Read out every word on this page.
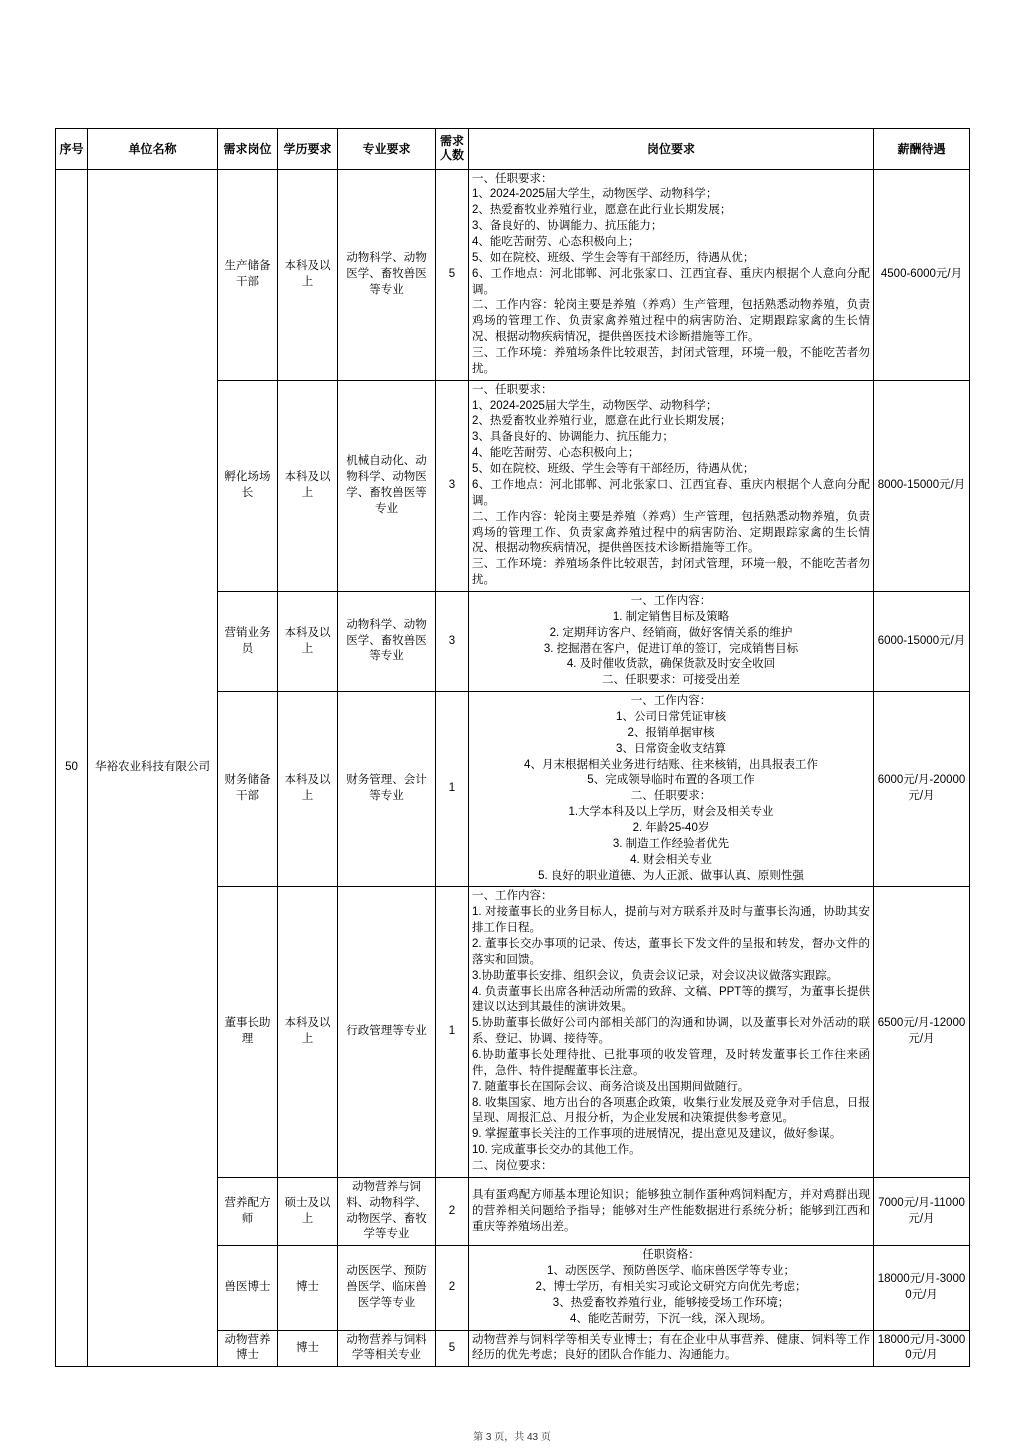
序号	单位名称	需求岗位	学历要求	专业要求	需求
人数	岗位要求	薪酬待遇
50	华裕农业科技有限公司	生产储备干部	本科及以上	动物科学、动物医学、畜牧兽医等专业	5	
一、任职要求：
1、2024-2025届大学生，动物医学、动物科学；
2、热爱畜牧业养殖行业，愿意在此行业长期发展；
3、备良好的、协调能力、抗压能力；
4、能吃苦耐劳、心态积极向上；
5、如在院校、班级、学生会等有干部经历，待遇从优；
6、工作地点：河北邯郸、河北张家口、江西宜春、重庆内根据个人意向分配调。
二、工作内容：轮岗主要是养殖（养鸡）生产管理，包括熟悉动物养殖，负责鸡场的管理工作、负责家禽养殖过程中的病害防治、定期跟踪家禽的生长情况、根据动物疾病情况，提供兽医技术诊断措施等工作。
三、工作环境：养殖场条件比较艰苦，封闭式管理，环境一般，不能吃苦者勿扰。
	4500-6000元/月
孵化场场长	本科及以上	机械自动化、动物科学、动物医学、畜牧兽医等专业	3	
一、任职要求：
1、2024-2025届大学生，动物医学、动物科学；
2、热爱畜牧业养殖行业，愿意在此行业长期发展；
3、具备良好的、协调能力、抗压能力；
4、能吃苦耐劳、心态积极向上；
5、如在院校、班级、学生会等有干部经历，待遇从优；
6、工作地点：河北邯郸、河北张家口、江西宜春、重庆内根据个人意向分配调。
二、工作内容：轮岗主要是养殖（养鸡）生产管理，包括熟悉动物养殖，负责鸡场的管理工作、负责家禽养殖过程中的病害防治、定期跟踪家禽的生长情况、根据动物疾病情况，提供兽医技术诊断措施等工作。
三、工作环境：养殖场条件比较艰苦，封闭式管理，环境一般，不能吃苦者勿扰。
	8000-15000元/月
营销业务员	本科及以上	动物科学、动物医学、畜牧兽医等专业	3	
一、工作内容：
1. 制定销售目标及策略
2. 定期拜访客户、经销商，做好客情关系的维护
3. 挖掘潜在客户，促进订单的签订，完成销售目标
4. 及时催收货款，确保货款及时安全收回
二、任职要求：可接受出差
	6000-15000元/月
财务储备干部	本科及以上	财务管理、会计等专业	1	
一、工作内容：
1、公司日常凭证审核
2、报销单据审核
3、日常资金收支结算
4、月末根据相关业务进行结账、往来核销，出具报表工作
5、完成领导临时布置的各项工作
二、任职要求：
1.大学本科及以上学历，财会及相关专业
2. 年龄25-40岁
3. 制造工作经验者优先
4. 财会相关专业
5. 良好的职业道德、为人正派、做事认真、原则性强
	6000元/月-20000元/月
董事长助理	本科及以上	行政管理等专业	1	
一、工作内容：
1. 对接董事长的业务目标人，提前与对方联系并及时与董事长沟通，协助其安排工作日程。
2. 董事长交办事项的记录、传达，董事长下发文件的呈报和转发，督办文件的落实和回馈。
3.协助董事长安排、组织会议，负责会议记录，对会议决议做落实跟踪。
4. 负责董事长出席各种活动所需的致辞、文稿、PPT等的撰写，为董事长提供建议以达到其最佳的演讲效果。
5.协助董事长做好公司内部相关部门的沟通和协调，以及董事长对外活动的联系、登记、协调、接待等。
6.协助董事长处理待批、已批事项的收发管理，及时转发董事长工作往来函件，急件、特件提醒董事长注意。
7. 随董事长在国际会议、商务洽谈及出国期间做随行。
8. 收集国家、地方出台的各项惠企政策，收集行业发展及竞争对手信息，日报呈现、周报汇总、月报分析，为企业发展和决策提供参考意见。
9. 掌握董事长关注的工作事项的进展情况，提出意见及建议，做好参谋。
10. 完成董事长交办的其他工作。
二、岗位要求：
	6500元/月-12000元/月
		营养配方师	硕士及以上	动物营养与饲料、动物科学、动物医学、畜牧学等专业	2	具有蛋鸡配方师基本理论知识；能够独立制作蛋种鸡饲料配方，并对鸡群出现的营养相关问题给予指导；能够对生产性能数据进行系统分析；能够到江西和重庆等养殖场出差。	7000元/月-11000元/月
		兽医博士	博士	动医医学、预防兽医学、临床兽医学等专业	2	任职资格：
1、动医医学、预防兽医学、临床兽医学等专业；
2、博士学历，有相关实习或论文研究方向优先考虑；
3、热爱畜牧养殖行业，能够接受场工作环境；
4、能吃苦耐劳，下沉一线，深入现场。	18000元/月-30000元/月
		动物营养博士	博士	动物营养与饲料学等相关专业	5	动物营养与饲料学等相关专业博士；有在企业中从事营养、健康、饲料等工作经历的优先考虑；良好的团队合作能力、沟通能力。	18000元/月-30000元/月
第 3 页，共 43 页
